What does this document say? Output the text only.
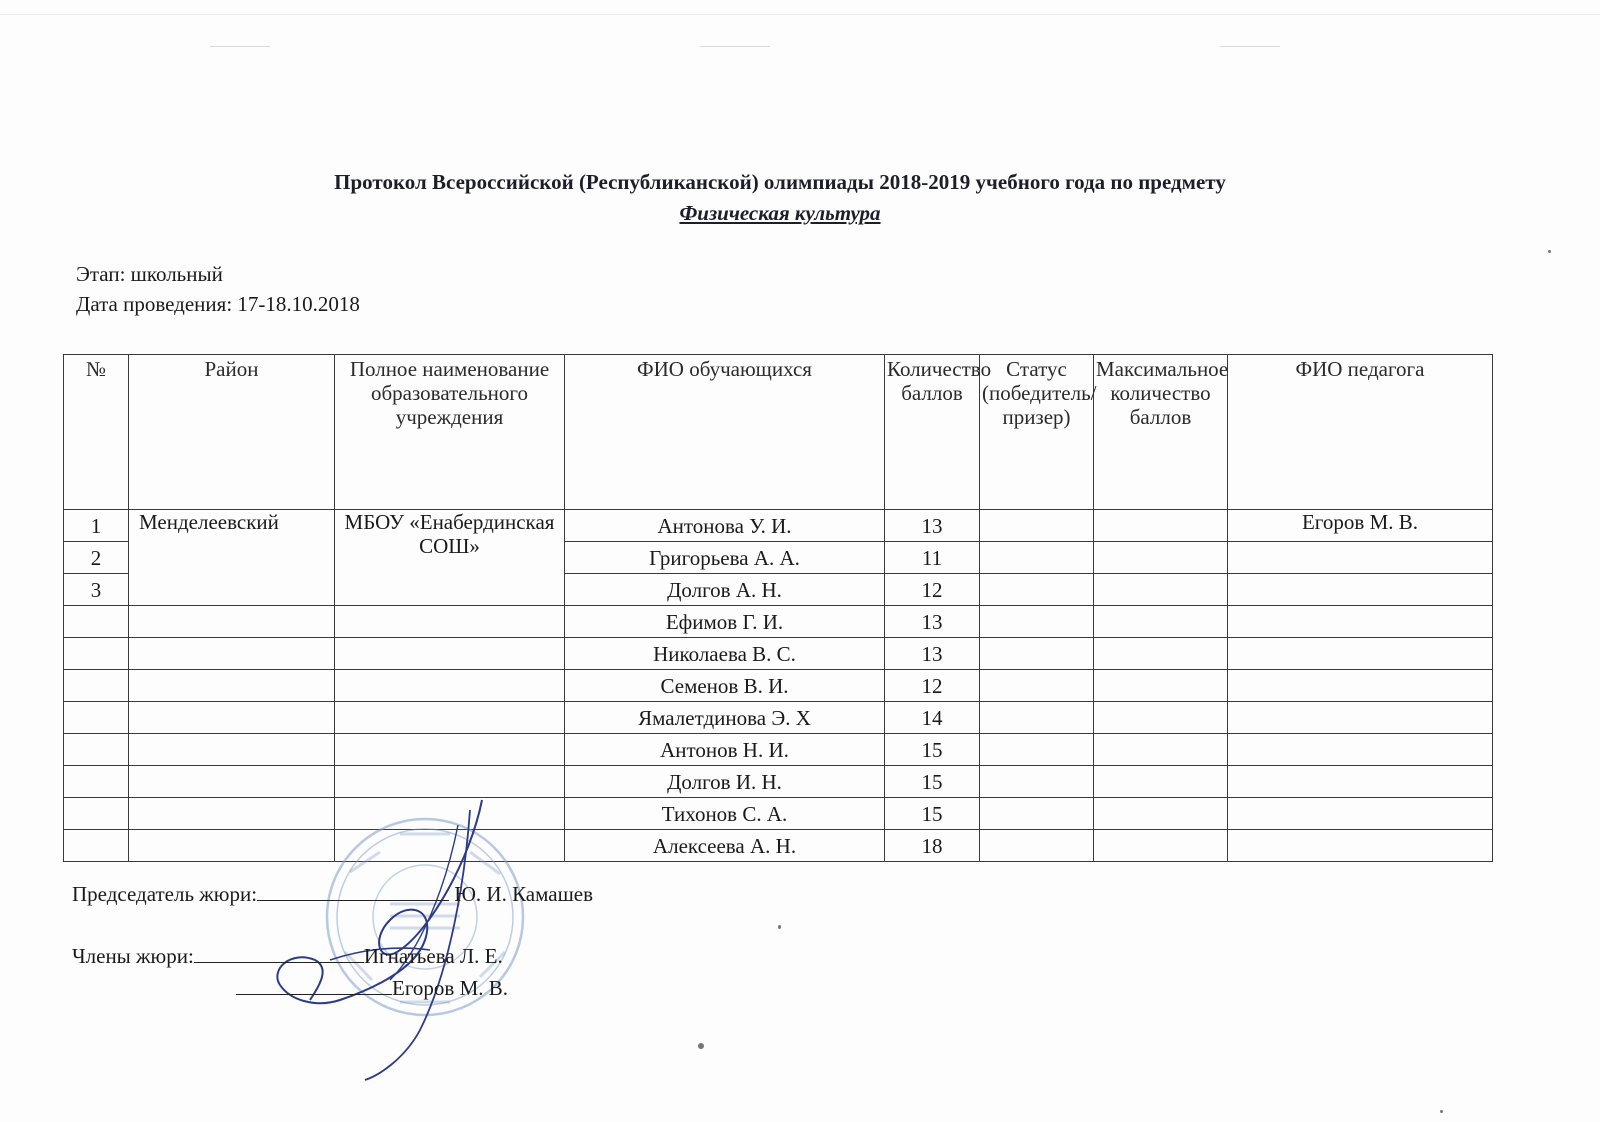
Протокол Всероссийской (Республиканской) олимпиады 2018-2019 учебного года по предмету
Физическая культура
Этап: школьный
Дата проведения: 17-18.10.2018
№	Район	Полное наименование образовательного учреждения	ФИО обучающихся	Количество баллов	Статус (победитель/призер)	Максимальное количество баллов	ФИО педагога
1	Менделеевский	МБОУ «Енабердинская СОШ»	Антонова У. И.	13			Егоров М. В.
2			Григорьева А. А.	11			
3			Долгов А. Н.	12			
			Ефимов Г. И.	13			
			Николаева В. С.	13			
			Семенов В. И.	12			
			Ямалетдинова Э. Х	14			
			Антонов Н. И.	15			
			Долгов И. Н.	15			
			Тихонов С. А.	15			
			Алексеева А. Н.	18			
Председатель жюри:	Ю. И. Камашев
Члены жюри:	Игнатьева Л. Е.
Егоров М. В.
